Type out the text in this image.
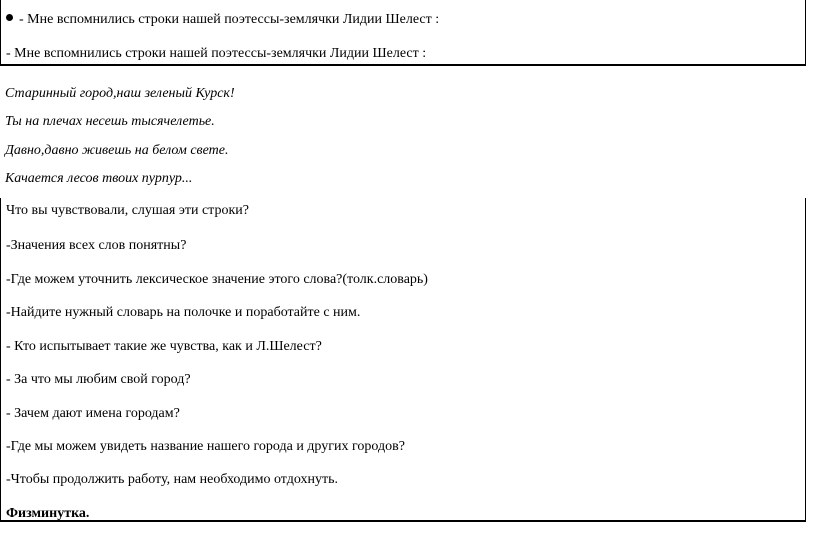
- Мне вспомнились строки нашей поэтессы-землячки Лидии Шелест :
- Мне вспомнились строки нашей поэтессы-землячки Лидии Шелест :
Старинный город,наш зеленый Курск!
Ты на плечах несешь тысячелетье.
Давно,давно живешь на белом свете.
Качается лесов твоих пурпур...
Что вы чувствовали, слушая эти строки?
-Значения всех слов понятны?
-Где можем уточнить лексическое значение этого слова?(толк.словарь)
-Найдите нужный словарь на полочке и поработайте с ним.
- Кто испытывает такие же чувства, как и Л.Шелест?
- За что мы любим свой город?
- Зачем дают имена городам?
-Где мы можем увидеть название нашего города и других городов?
-Чтобы продолжить работу, нам необходимо отдохнуть.
Физминутка.
